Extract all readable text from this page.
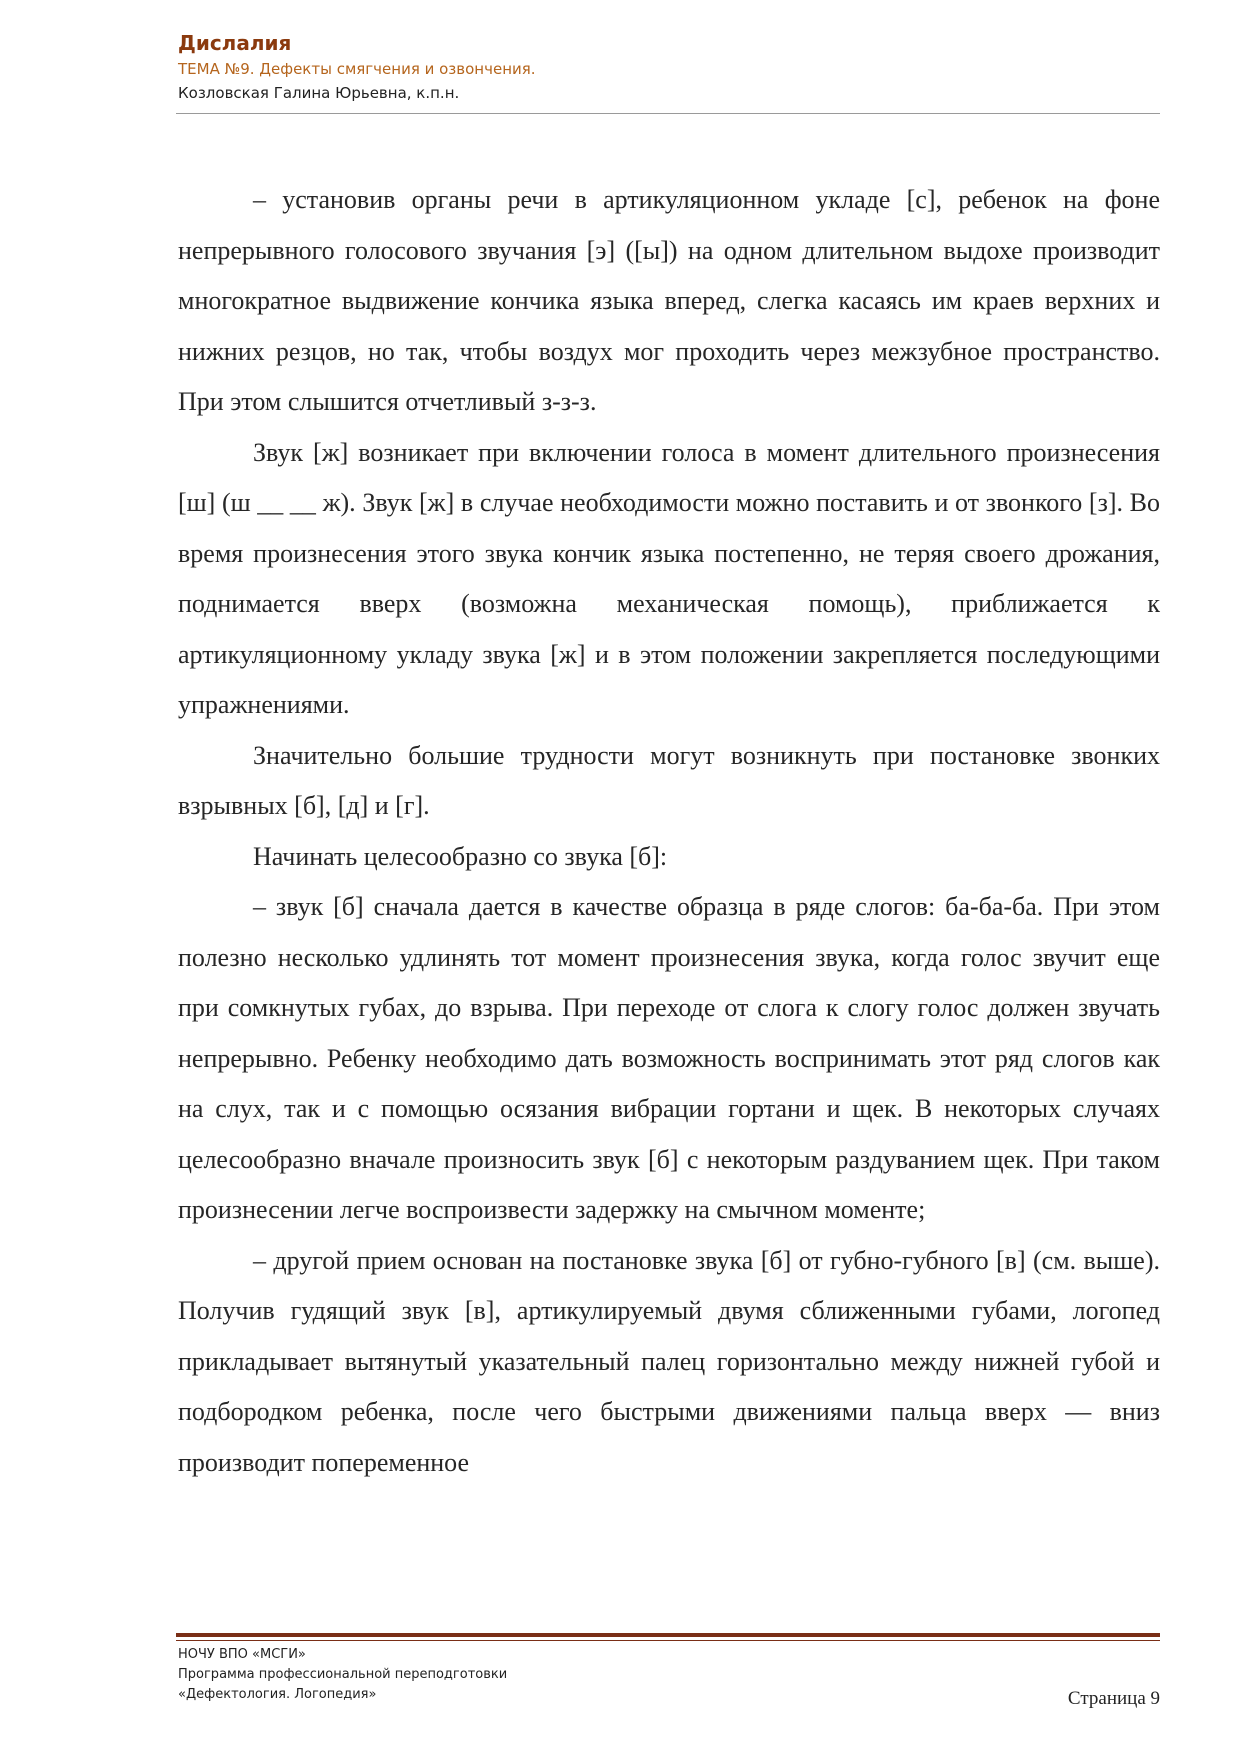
Дислалия
ТЕМА №9. Дефекты смягчения и озвончения.
Козловская Галина Юрьевна, к.п.н.

– установив органы речи в артикуляционном укладе [с], ребенок на фоне непрерывного голосового звучания [э] ([ы]) на одном длительном выдохе производит многократное выдвижение кончика языка вперед, слегка касаясь им краев верхних и нижних резцов, но так, чтобы воздух мог проходить через межзубное пространство. При этом слышится отчетливый з-з-з.

Звук [ж] возникает при включении голоса в момент длительного произнесения [ш] (ш __ __ ж). Звук [ж] в случае необходимости можно поставить и от звонкого [з]. Во время произнесения этого звука кончик языка постепенно, не теряя своего дрожания, поднимается вверх (возможна механическая помощь), приближается к артикуляционному укладу звука [ж] и в этом положении закрепляется последующими упражнениями.

Значительно большие трудности могут возникнуть при постановке звонких взрывных [б], [д] и [г].

Начинать целесообразно со звука [б]:

– звук [б] сначала дается в качестве образца в ряде слогов: ба-ба-ба. При этом полезно несколько удлинять тот момент произнесения звука, когда голос звучит еще при сомкнутых губах, до взрыва. При переходе от слога к слогу голос должен звучать непрерывно. Ребенку необходимо дать возможность воспринимать этот ряд слогов как на слух, так и с помощью осязания вибрации гортани и щек. В некоторых случаях целесообразно вначале произносить звук [б] с некоторым раздуванием щек. При таком произнесении легче воспроизвести задержку на смычном моменте;

– другой прием основан на постановке звука [б] от губно-губного [в] (см. выше). Получив гудящий звук [в], артикулируемый двумя сближенными губами, логопед прикладывает вытянутый указательный палец горизонтально между нижней губой и подбородком ребенка, после чего быстрыми движениями пальца вверх — вниз производит попеременное

НОЧУ ВПО «МСГИ»
Программа профессиональной переподготовки
«Дефектология. Логопедия»	Страница 9
